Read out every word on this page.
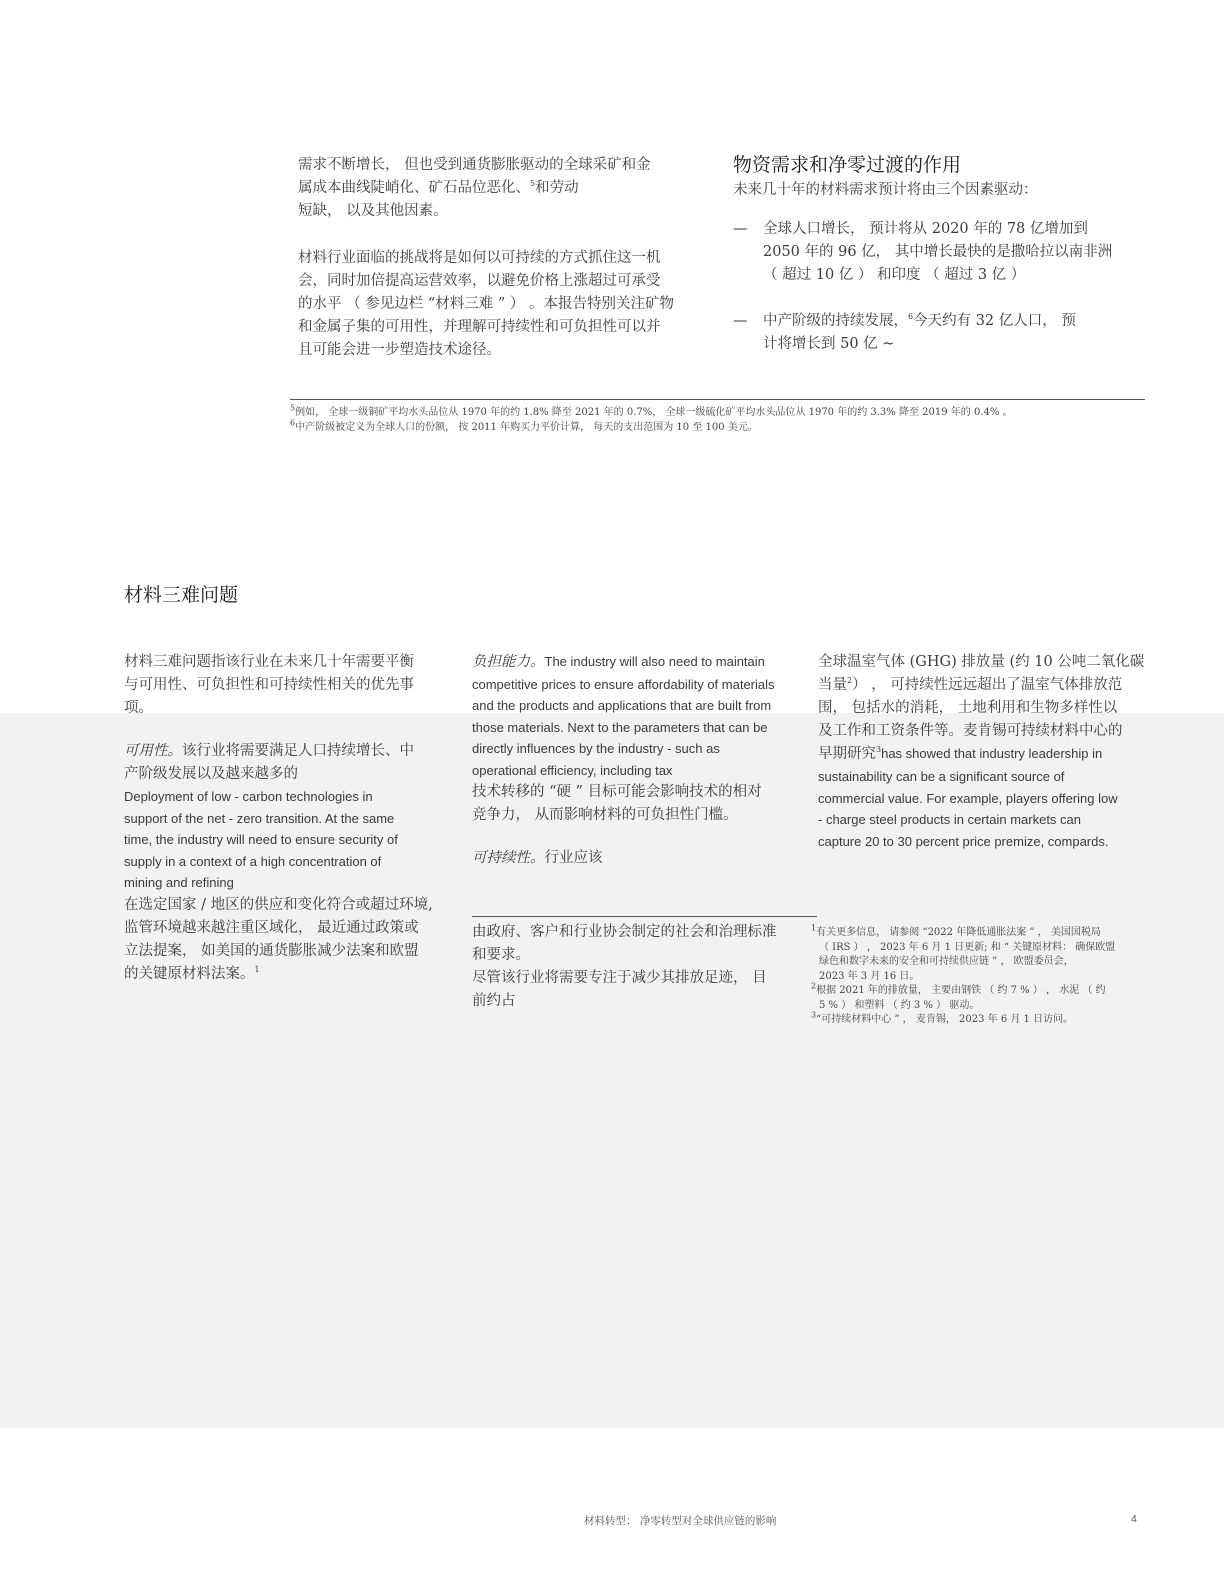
需求不断增长， 但也受到通货膨胀驱动的全球采矿和金
属成本曲线陡峭化、矿石品位恶化、$^5$和劳动
短缺， 以及其他因素。

材料行业面临的挑战将是如何以可持续的方式抓住这一机
会，同时加倍提高运营效率，以避免价格上涨超过可承受
的水平 （ 参见边栏 “材料三难 ” ） 。本报告特别关注矿物
和金属子集的可用性，并理解可持续性和可负担性可以并
且可能会进一步塑造技术途径。

物资需求和净零过渡的作用

未来几十年的材料需求预计将由三个因素驱动：

—	全球人口增长， 预计将从 2020 年的 78 亿增加到
2050 年的 96 亿， 其中增长最快的是撒哈拉以南非洲
（ 超过 10 亿 ） 和印度 （ 超过 3 亿 ）

—	中产阶级的持续发展，$^6$今天约有 32 亿人口， 预
计将增长到 50 亿 ~

$^5$例如， 全球一级铜矿平均水头品位从 1970 年的约 1.8% 降至 2021 年的 0.7%， 全球一级硫化矿平均水头品位从 1970 年的约 3.3% 降至 2019 年的 0.4% 。

$^6$中产阶级被定义为全球人口的份额， 按 2011 年购买力平价计算， 每天的支出范围为 10 至 100 美元。

材料三难问题

材料三难问题指该行业在未来几十年需要平衡
与可用性、可负担性和可持续性相关的优先事
项。

可用性。该行业将需要满足人口持续增长、中
产阶级发展以及越来越多的

Deployment of low - carbon technologies in
support of the net - zero transition. At the same
time, the industry will need to ensure security of
supply in a context of a high concentration of
mining and refining

在选定国家 / 地区的供应和变化符合或超过环境,
监管环境越来越注重区域化， 最近通过政策或
立法提案， 如美国的通货膨胀减少法案和欧盟
的关键原材料法案。$^1$

负担能力。The industry will also need to maintain
competitive prices to ensure affordability of materials
and the products and applications that are built from
those materials. Next to the parameters that can be
directly influences by the industry - such as
operational efficiency, including tax

技术转移的 “硬 ” 目标可能会影响技术的相对
竞争力， 从而影响材料的可负担性门槛。

可持续性。行业应该

由政府、客户和行业协会制定的社会和治理标准
和要求。
尽管该行业将需要专注于减少其排放足迹， 目
前约占

全球温室气体 (GHG) 排放量 (约 10 公吨二氧化碳
当量$^2$） ， 可持续性远远超出了温室气体排放范
围， 包括水的消耗， 土地利用和生物多样性以
及工作和工资条件等。麦肯锡可持续材料中心的
早期研究$^3$has showed that industry leadership in

sustainability can be a significant source of
commercial value. For example, players offering low
- charge steel products in certain markets can
capture 20 to 30 percent price premize, compards.

$^1$有关更多信息， 请参阅 “2022 年降低通胀法案 ” ， 美国国税局
（ IRS ） ， 2023 年 6 月 1 日更新; 和 “ 关键原材料： 确保欧盟
绿色和数字未来的安全和可持续供应链 ” ， 欧盟委员会，
2023 年 3 月 16 日。

$^2$根据 2021 年的排放量， 主要由钢铁 （ 约 7 % ） ， 水泥 （ 约
5 % ） 和塑料 （ 约 3 % ） 驱动。

$^3$“可持续材料中心 ” ， 麦肯锡， 2023 年 6 月 1 日访问。

材料转型： 净零转型对全球供应链的影响	4
